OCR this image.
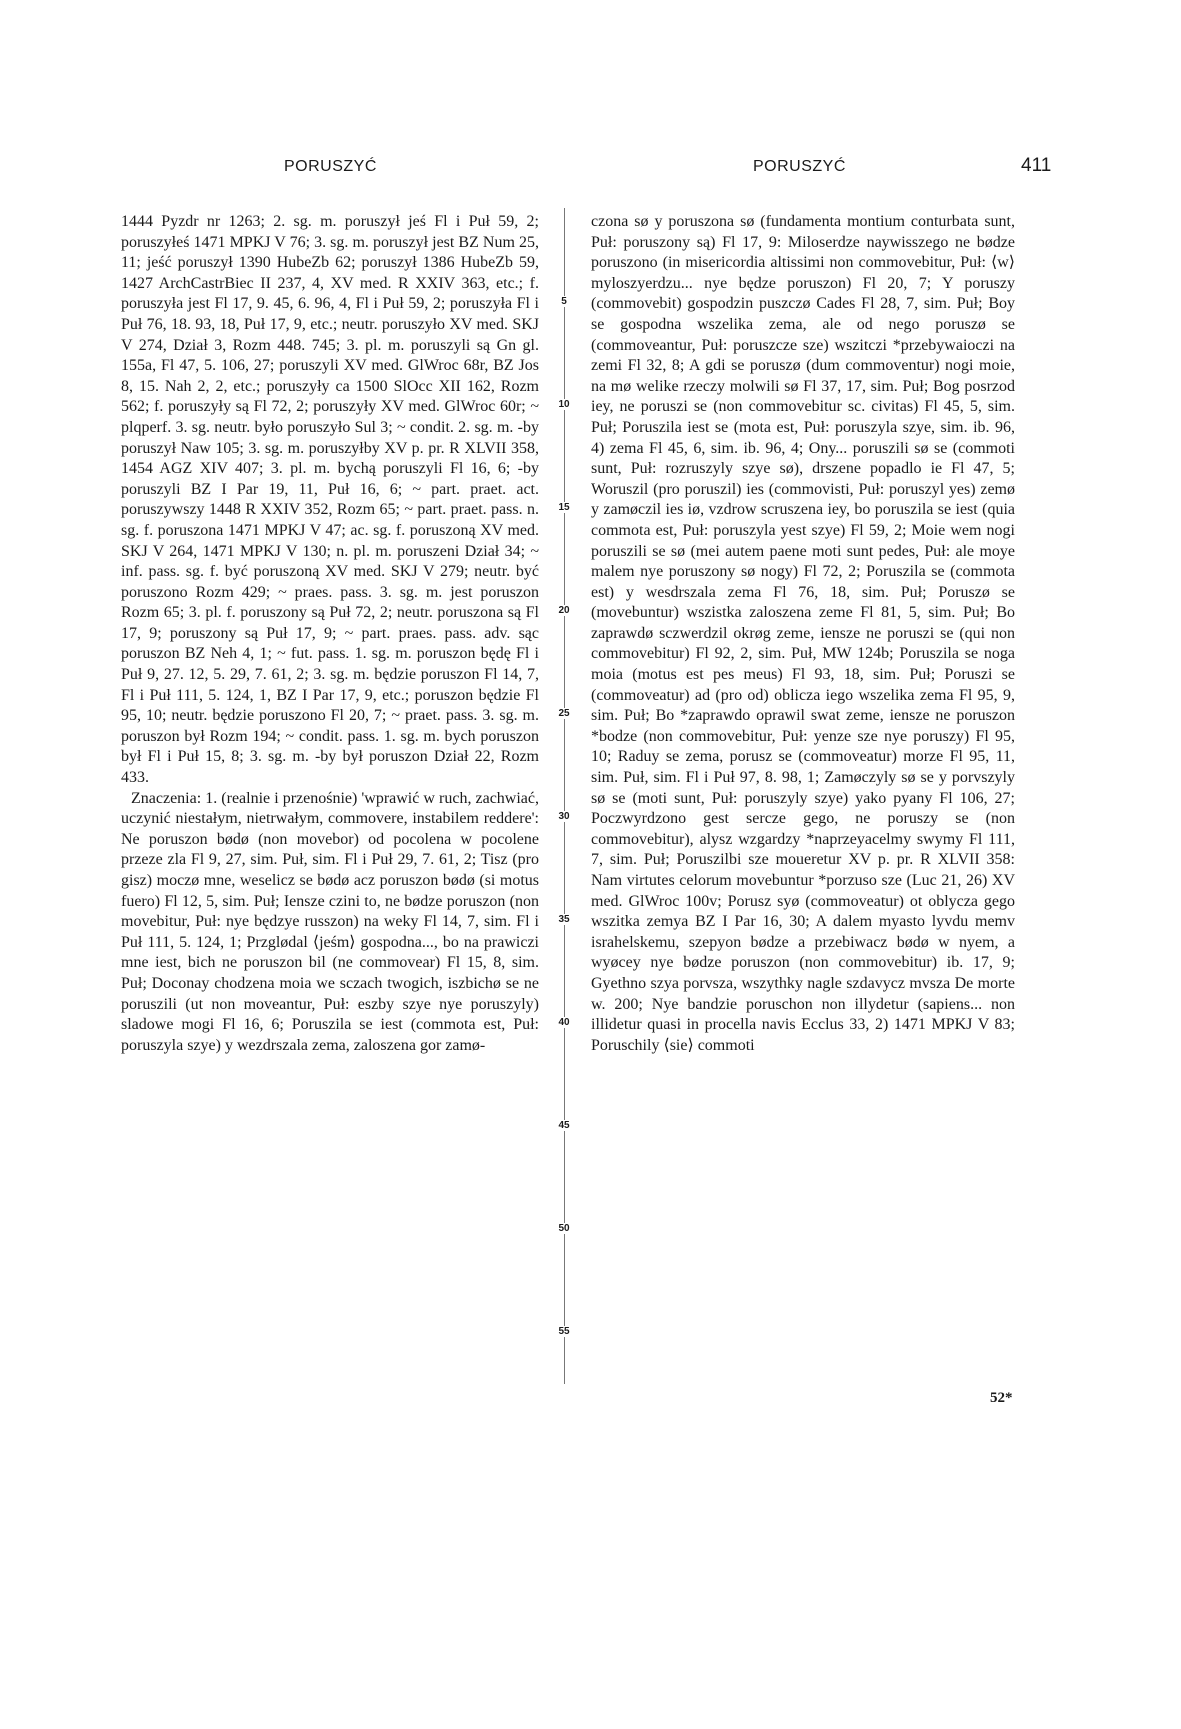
PORUSZYĆ	PORUSZYĆ	411

1444 Pyzdr nr 1263; 2. sg. m. poruszył jeś Fl i Puł 59, 2; poruszyłeś 1471 MPKJ V 76; 3. sg. m. poruszył jest BZ Num 25, 11; jeść poruszył 1390 HubeZb 62; poruszył 1386 HubeZb 59, 1427 ArchCastrBiec II 237, 4, XV med. R XXIV 363, etc.; f. poruszyła jest Fl 17, 9. 45, 6. 96, 4, Fl i Puł 59, 2; poruszyła Fl i Puł 76, 18. 93, 18, Puł 17, 9, etc.; neutr. poruszyło XV med. SKJ V 274, Dział 3, Rozm 448. 745; 3. pl. m. poruszyli są Gn gl. 155a, Fl 47, 5. 106, 27; poruszyli XV med. GlWroc 68r, BZ Jos 8, 15. Nah 2, 2, etc.; poruszyły ca 1500 SlOcc XII 162, Rozm 562; f. poruszyły są Fl 72, 2; poruszyły XV med. GlWroc 60r; ~ plqperf. 3. sg. neutr. było poruszyło Sul 3; ~ condit. 2. sg. m. -by poruszył Naw 105; 3. sg. m. poruszyłby XV p. pr. R XLVII 358, 1454 AGZ XIV 407; 3. pl. m. bychą poruszyli Fl 16, 6; -by poruszyli BZ I Par 19, 11, Puł 16, 6; ~ part. praet. act. poruszywszy 1448 R XXIV 352, Rozm 65; ~ part. praet. pass. n. sg. f. poruszona 1471 MPKJ V 47; ac. sg. f. poruszoną XV med. SKJ V 264, 1471 MPKJ V 130; n. pl. m. poruszeni Dział 34; ~ inf. pass. sg. f. być poruszoną XV med. SKJ V 279; neutr. być poruszono Rozm 429; ~ praes. pass. 3. sg. m. jest poruszon Rozm 65; 3. pl. f. poruszony są Puł 72, 2; neutr. poruszona są Fl 17, 9; poruszony są Puł 17, 9; ~ part. praes. pass. adv. sąc poruszon BZ Neh 4, 1; ~ fut. pass. 1. sg. m. poruszon będę Fl i Puł 9, 27. 12, 5. 29, 7. 61, 2; 3. sg. m. będzie poruszon Fl 14, 7, Fl i Puł 111, 5. 124, 1, BZ I Par 17, 9, etc.; poruszon będzie Fl 95, 10; neutr. będzie poruszono Fl 20, 7; ~ praet. pass. 3. sg. m. poruszon był Rozm 194; ~ condit. pass. 1. sg. m. bych poruszon był Fl i Puł 15, 8; 3. sg. m. -by był poruszon Dział 22, Rozm 433.

Znaczenia: 1. (realnie i przenośnie) 'wprawić w ruch, zachwiać, uczynić niestałym, nietrwałym, commovere, instabilem reddere': Ne poruszon bødø (non movebor) od pocolena w pocolene przeze zla Fl 9, 27, sim. Puł, sim. Fl i Puł 29, 7. 61, 2; Tisz (pro gisz) moczø mne, weselicz se bødø acz poruszon bødø (si motus fuero) Fl 12, 5, sim. Puł; Iensze czini to, ne bødze poruszon (non movebitur, Puł: nye będzye russzon) na weky Fl 14, 7, sim. Fl i Puł 111, 5. 124, 1; Przglødal ⟨jeśm⟩ gospodna..., bo na prawiczi mne iest, bich ne poruszon bil (ne commovear) Fl 15, 8, sim. Puł; Doconay chodzena moia we sczach twogich, iszbichø se ne poruszili (ut non moveantur, Puł: eszby szye nye poruszyly) sladowe mogi Fl 16, 6; Poruszila se iest (commota est, Puł: poruszyla szye) y wezdrszala zema, zaloszena gor zamø-

5
10
15
20
25
30
35
40
45
50
55

czona sø y poruszona sø (fundamenta montium conturbata sunt, Puł: poruszony są) Fl 17, 9: Miloserdze naywisszego ne bødze poruszono (in misericordia altissimi non commovebitur, Puł: ⟨w⟩ myloszyerdzu... nye będze poruszon) Fl 20, 7; Y poruszy (commovebit) gospodzin puszczø Cades Fl 28, 7, sim. Puł; Boy se gospodna wszelika zema, ale od nego poruszø se (commoveantur, Puł: poruszcze sze) wszitczi *przebywaioczi na zemi Fl 32, 8; A gdi se poruszø (dum commoventur) nogi moie, na mø welike rzeczy molwili sø Fl 37, 17, sim. Puł; Bog posrzod iey, ne poruszi se (non commovebitur sc. civitas) Fl 45, 5, sim. Puł; Poruszila iest se (mota est, Puł: poruszyla szye, sim. ib. 96, 4) zema Fl 45, 6, sim. ib. 96, 4; Ony... poruszili sø se (commoti sunt, Puł: rozruszyly szye sø), drszene popadlo ie Fl 47, 5; Woruszil (pro poruszil) ies (commovisti, Puł: poruszyl yes) zemø y zamøczil ies iø, vzdrow scruszena iey, bo poruszila se iest (quia commota est, Puł: poruszyla yest szye) Fl 59, 2; Moie wem nogi poruszili se sø (mei autem paene moti sunt pedes, Puł: ale moye malem nye poruszony sø nogy) Fl 72, 2; Poruszila se (commota est) y wesdrszala zema Fl 76, 18, sim. Puł; Poruszø se (movebuntur) wszistka zaloszena zeme Fl 81, 5, sim. Puł; Bo zaprawdø sczwerdzil okrøg zeme, iensze ne poruszi se (qui non commovebitur) Fl 92, 2, sim. Puł, MW 124b; Poruszila se noga moia (motus est pes meus) Fl 93, 18, sim. Puł; Poruszi se (commoveatur) ad (pro od) oblicza iego wszelika zema Fl 95, 9, sim. Puł; Bo *zaprawdo oprawil swat zeme, iensze ne poruszon *bodze (non commovebitur, Puł: yenze sze nye poruszy) Fl 95, 10; Raduy se zema, porusz se (commoveatur) morze Fl 95, 11, sim. Puł, sim. Fl i Puł 97, 8. 98, 1; Zamøczyly sø se y porvszyly sø se (moti sunt, Puł: poruszyly szye) yako pyany Fl 106, 27; Poczwyrdzono gest sercze gego, ne poruszy se (non commovebitur), alysz wzgardzy *naprzeyacelmy swymy Fl 111, 7, sim. Puł; Poruszilbi sze moueretur XV p. pr. R XLVII 358: Nam virtutes celorum movebuntur *porzuso sze (Luc 21, 26) XV med. GlWroc 100v; Porusz syø (commoveatur) ot oblycza gego wszitka zemya BZ I Par 16, 30; A dalem myasto lyvdu memv israhelskemu, szepyon bødze a przebiwacz bødø w nyem, a wyøcey nye bødze poruszon (non commovebitur) ib. 17, 9; Gyethno szya porvsza, wszythky nagle szdavycz mvsza De morte w. 200; Nye bandzie poruschon non illydetur (sapiens... non illidetur quasi in procella navis Ecclus 33, 2) 1471 MPKJ V 83; Poruschily ⟨sie⟩ commoti

52*
